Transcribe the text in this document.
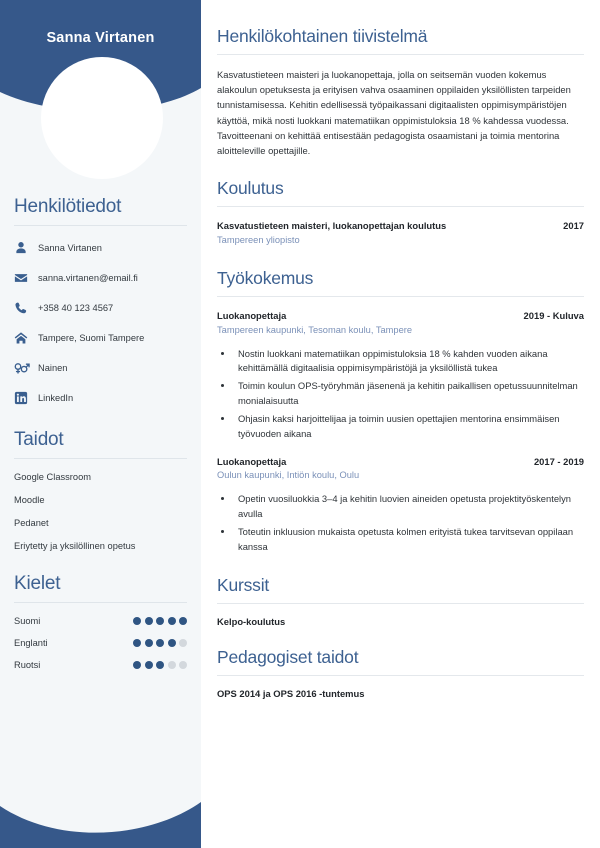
Sanna Virtanen
Henkilötiedot
Sanna Virtanen
sanna.virtanen@email.fi
+358 40 123 4567
Tampere, Suomi Tampere
Nainen
LinkedIn
Taidot
Google Classroom
Moodle
Pedanet
Eriytetty ja yksilöllinen opetus
Kielet
Suomi
Englanti
Ruotsi
Henkilökohtainen tiivistelmä

Kasvatustieteen maisteri ja luokanopettaja, jolla on seitsemän vuoden kokemus alakoulun opetuksesta ja erityisen vahva osaaminen oppilaiden yksilöllisten tarpeiden tunnistamisessa. Kehitin edellisessä työpaikassani digitaalisten oppimisympäristöjen käyttöä, mikä nosti luokkani matematiikan oppimistuloksia 18 % kahdessa vuodessa. Tavoitteenani on kehittää entisestään pedagogista osaamistani ja toimia mentorina aloitteleville opettajille.

Koulutus
Kasvatustieteen maisteri, luokanopettajan koulutus	2017
Tampereen yliopisto
Työkokemus
Luokanopettaja	2019 - Kuluva
Tampereen kaupunki, Tesoman koulu, Tampere
• Nostin luokkani matematiikan oppimistuloksia 18 % kahden vuoden aikana kehittämällä digitaalisia oppimisympäristöjä ja yksilöllistä tukea
• Toimin koulun OPS-työryhmän jäsenenä ja kehitin paikallisen opetussuunnitelman monialaisuutta
• Ohjasin kaksi harjoittelijaa ja toimin uusien opettajien mentorina ensimmäisen työvuoden aikana
Luokanopettaja	2017 - 2019
Oulun kaupunki, Intiön koulu, Oulu
• Opetin vuosiluokkia 3–4 ja kehitin luovien aineiden opetusta projektityöskentelyn avulla
• Toteutin inkluusion mukaista opetusta kolmen erityistä tukea tarvitsevan oppilaan kanssa
Kurssit
Kelpo-koulutus
Pedagogiset taidot
OPS 2014 ja OPS 2016 -tuntemus
